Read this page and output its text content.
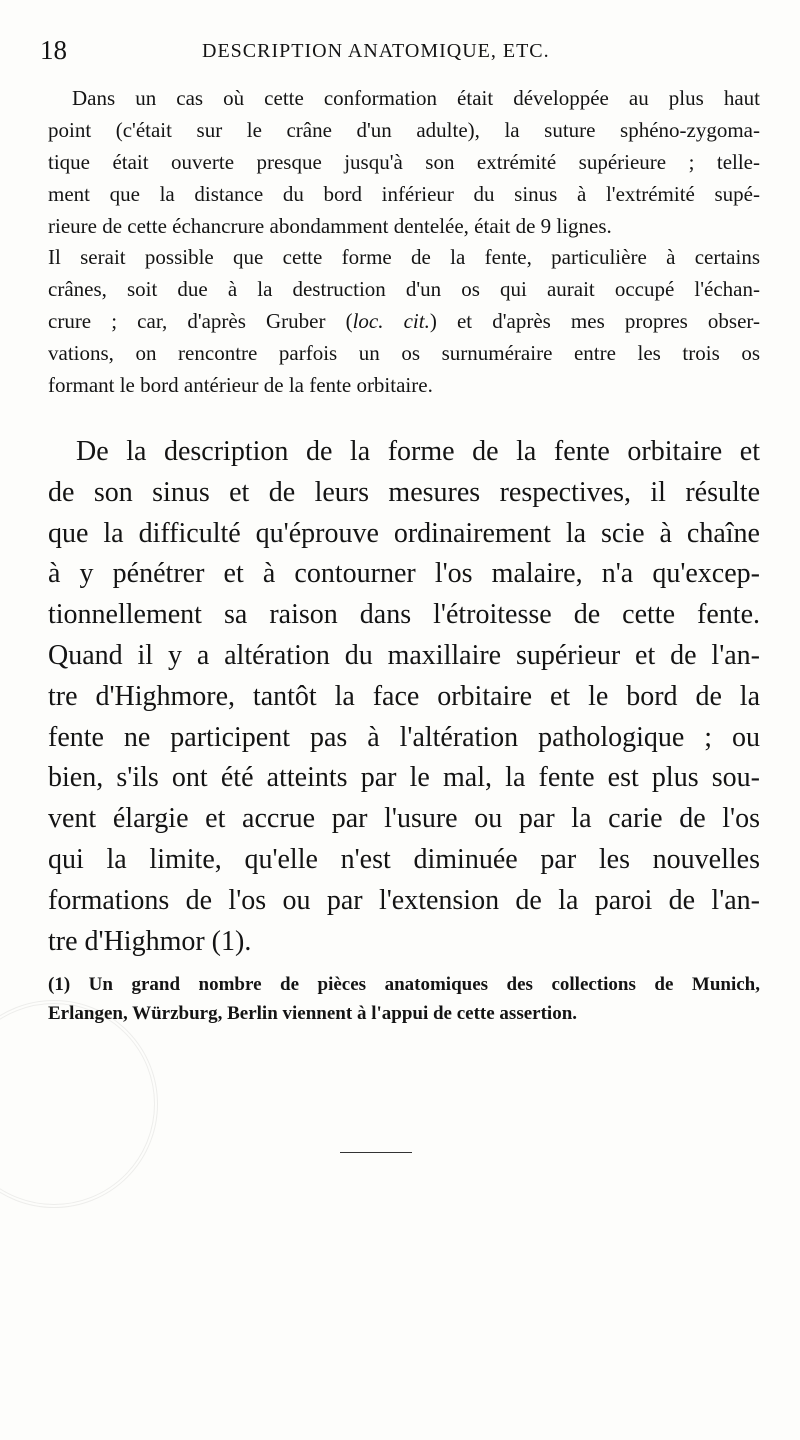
18	DESCRIPTION ANATOMIQUE, ETC.
Dans un cas où cette conformation était développée au plus haut
point (c'était sur le crâne d'un adulte), la suture sphéno-zygoma-
tique était ouverte presque jusqu'à son extrémité supérieure ; telle-
ment que la distance du bord inférieur du sinus à l'extrémité supé-
rieure de cette échancrure abondamment dentelée, était de 9 lignes.
Il serait possible que cette forme de la fente, particulière à certains
crânes, soit due à la destruction d'un os qui aurait occupé l'échan-
crure ; car, d'après Gruber (loc. cit.) et d'après mes propres obser-
vations, on rencontre parfois un os surnuméraire entre les trois os
formant le bord antérieur de la fente orbitaire.
De la description de la forme de la fente orbitaire et
de son sinus et de leurs mesures respectives, il résulte
que la difficulté qu'éprouve ordinairement la scie à chaîne
à y pénétrer et à contourner l'os malaire, n'a qu'excep-
tionnellement sa raison dans l'étroitesse de cette fente.
Quand il y a altération du maxillaire supérieur et de l'an-
tre d'Highmore, tantôt la face orbitaire et le bord de la
fente ne participent pas à l'altération pathologique ; ou
bien, s'ils ont été atteints par le mal, la fente est plus sou-
vent élargie et accrue par l'usure ou par la carie de l'os
qui la limite, qu'elle n'est diminuée par les nouvelles
formations de l'os ou par l'extension de la paroi de l'an-
tre d'Highmor (1).
(1) Un grand nombre de pièces anatomiques des collections de Munich,
Erlangen, Würzburg, Berlin viennent à l'appui de cette assertion.
